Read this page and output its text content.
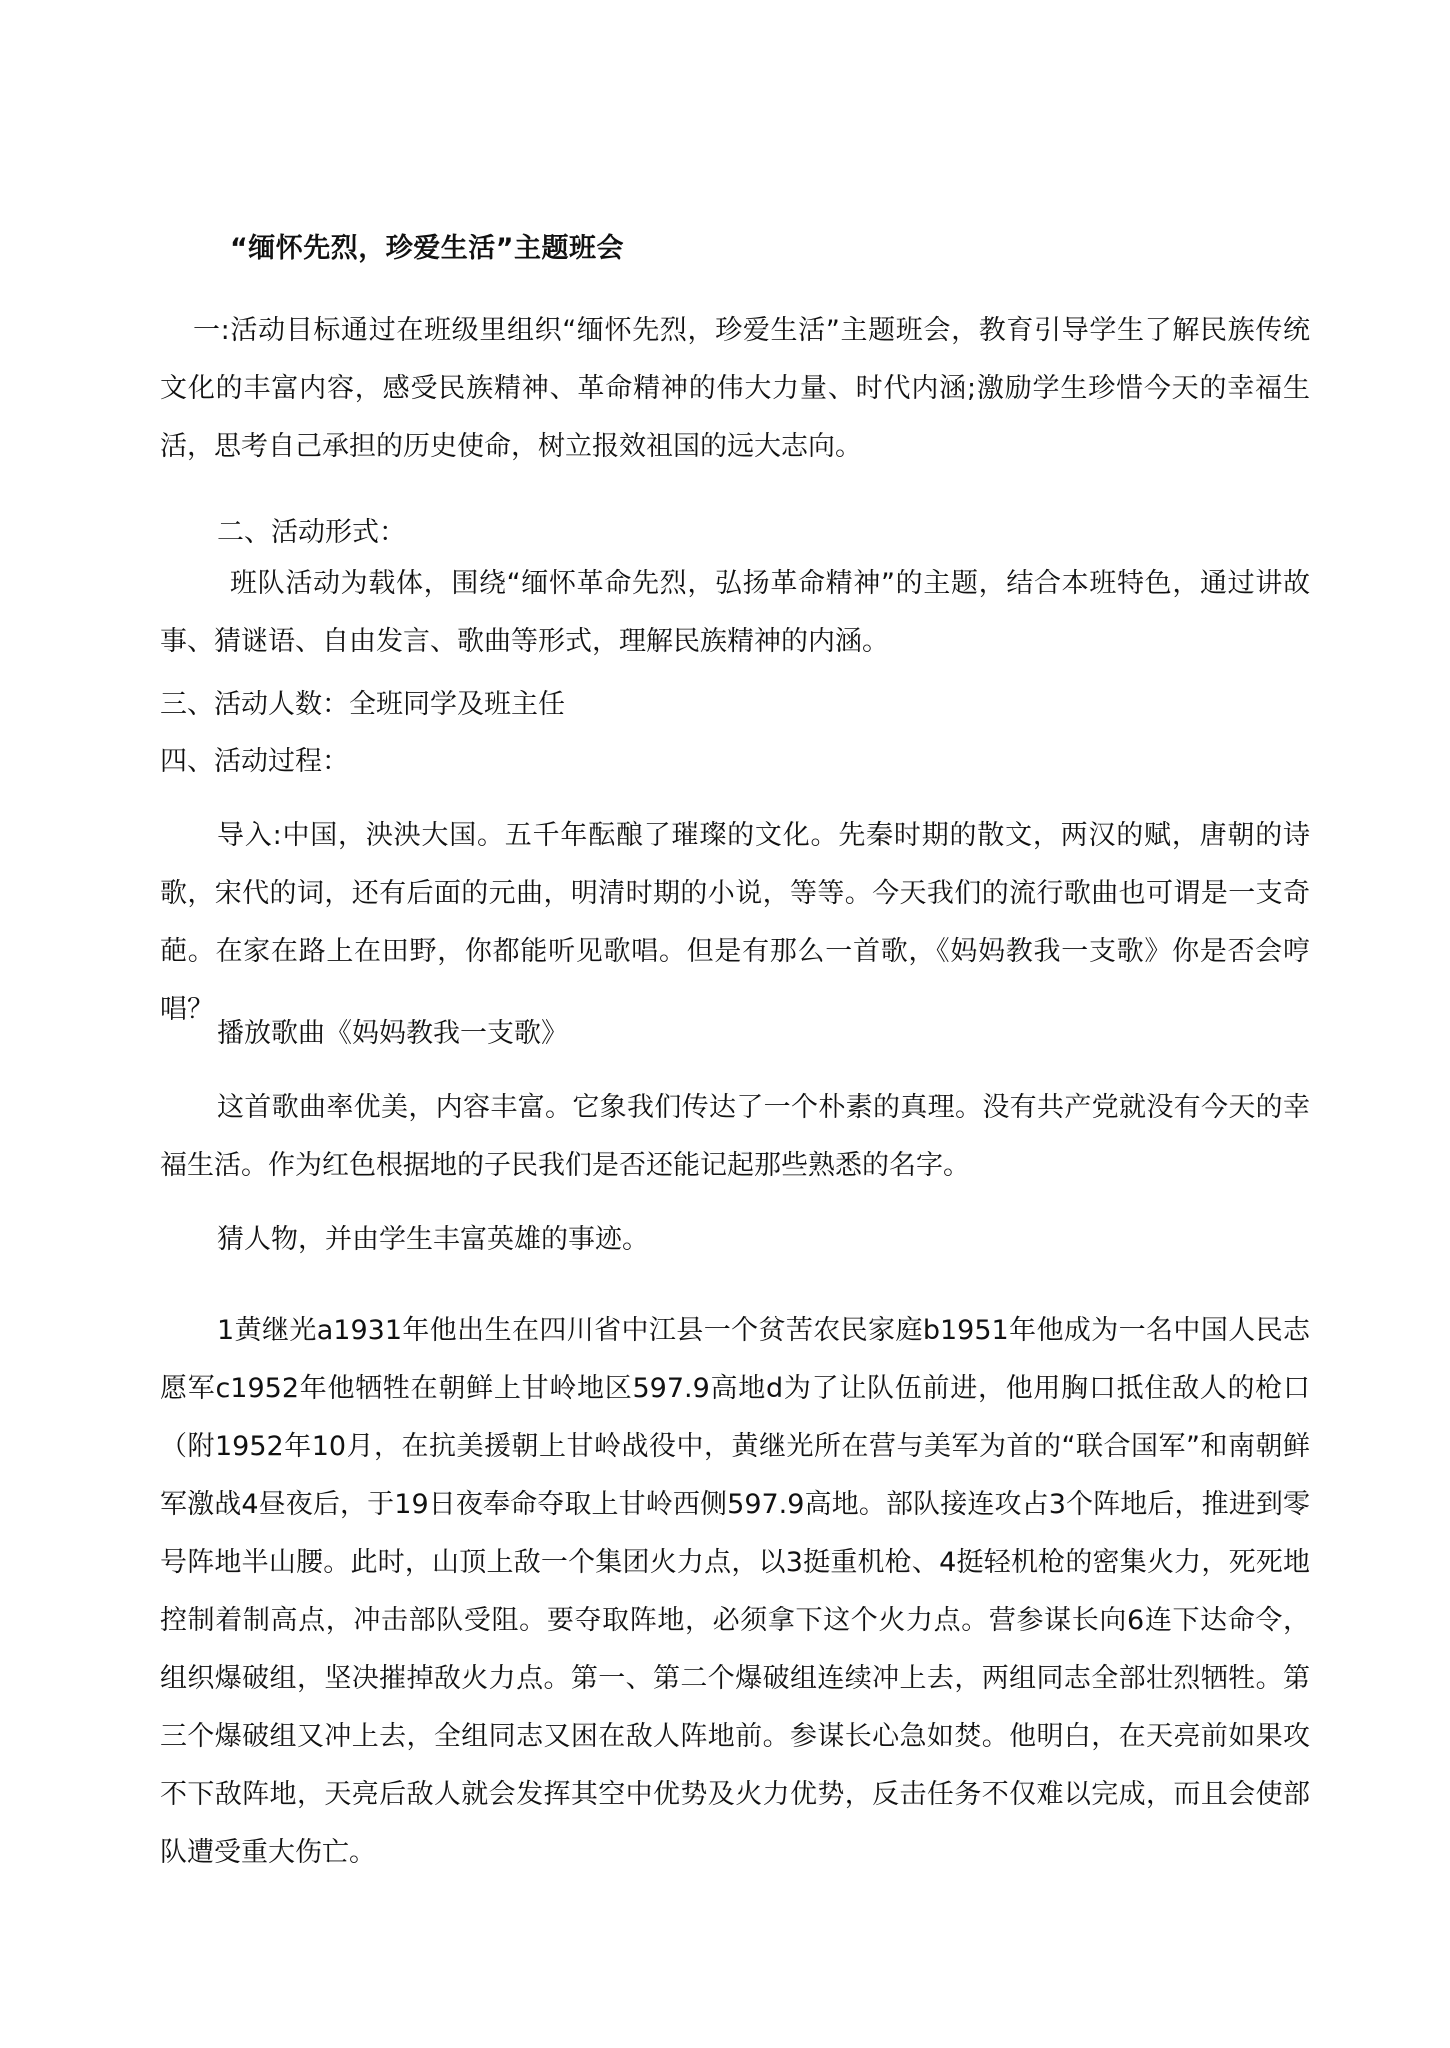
“缅怀先烈，珍爱生活”主题班会

一:活动目标通过在班级里组织“缅怀先烈，珍爱生活”主题班会，教育引导学生了解民族传统文化的丰富内容，感受民族精神、革命精神的伟大力量、时代内涵;激励学生珍惜今天的幸福生活，思考自己承担的历史使命，树立报效祖国的远大志向。

二、活动形式：

班队活动为载体，围绕“缅怀革命先烈，弘扬革命精神”的主题，结合本班特色，通过讲故事、猜谜语、自由发言、歌曲等形式，理解民族精神的内涵。

三、活动人数：全班同学及班主任

四、活动过程：

导入:中国，泱泱大国。五千年酝酿了璀璨的文化。先秦时期的散文，两汉的赋，唐朝的诗歌，宋代的词，还有后面的元曲，明清时期的小说，等等。今天我们的流行歌曲也可谓是一支奇葩。在家在路上在田野，你都能听见歌唱。但是有那么一首歌，《妈妈教我一支歌》你是否会哼唱？

播放歌曲《妈妈教我一支歌》

这首歌曲率优美，内容丰富。它象我们传达了一个朴素的真理。没有共产党就没有今天的幸福生活。作为红色根据地的子民我们是否还能记起那些熟悉的名字。

猜人物，并由学生丰富英雄的事迹。

1黄继光a1931年他出生在四川省中江县一个贫苦农民家庭b1951年他成为一名中国人民志愿军c1952年他牺牲在朝鲜上甘岭地区597.9高地d为了让队伍前进，他用胸口抵住敌人的枪口（附1952年10月，在抗美援朝上甘岭战役中，黄继光所在营与美军为首的“联合国军”和南朝鲜军激战4昼夜后，于19日夜奉命夺取上甘岭西侧597.9高地。部队接连攻占3个阵地后，推进到零号阵地半山腰。此时，山顶上敌一个集团火力点，以3挺重机枪、4挺轻机枪的密集火力，死死地控制着制高点，冲击部队受阻。要夺取阵地，必须拿下这个火力点。营参谋长向6连下达命令，组织爆破组，坚决摧掉敌火力点。第一、第二个爆破组连续冲上去，两组同志全部壮烈牺牲。第三个爆破组又冲上去，全组同志又困在敌人阵地前。参谋长心急如焚。他明白，在天亮前如果攻不下敌阵地，天亮后敌人就会发挥其空中优势及火力优势，反击任务不仅难以完成，而且会使部队遭受重大伤亡。
